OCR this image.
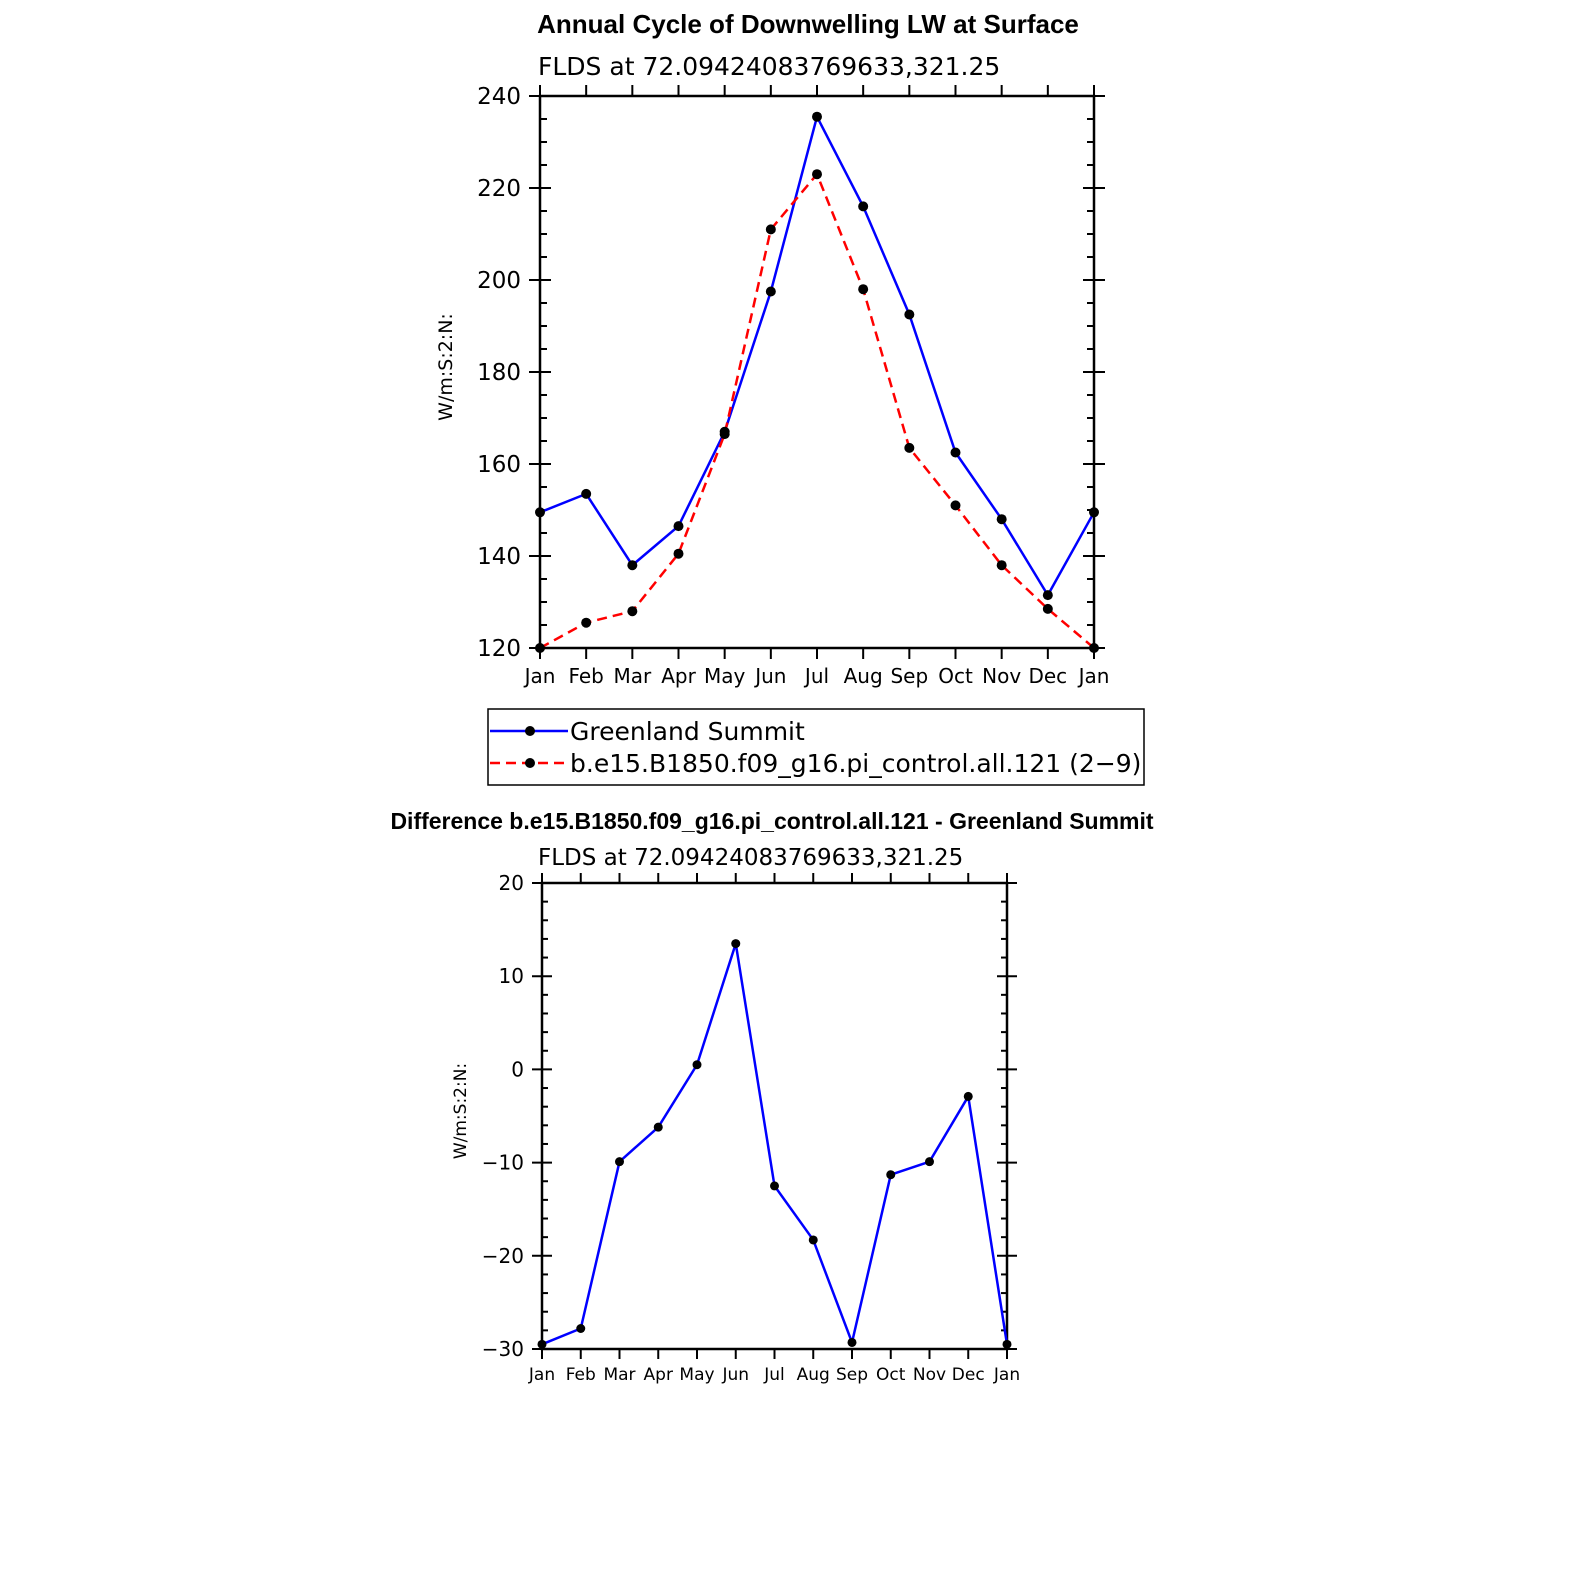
Annual Cycle of Downwelling LW at Surface
FLDS at 72.09424083769633,321.25
W/m:S:2:N:
Jan Feb Mar Apr May Jun Jul Aug Sep Oct Nov Dec Jan
240
220
200
180
160
140
120
Greenland Summit
b.e15.B1850.f09_g16.pi_control.all.121 (2−9)
Difference b.e15.B1850.f09_g16.pi_control.all.121 - Greenland Summit
FLDS at 72.09424083769633,321.25
W/m:S:2:N:
Jan Feb Mar Apr May Jun Jul Aug Sep Oct Nov Dec Jan
20
10
0
−10
−20
−30
